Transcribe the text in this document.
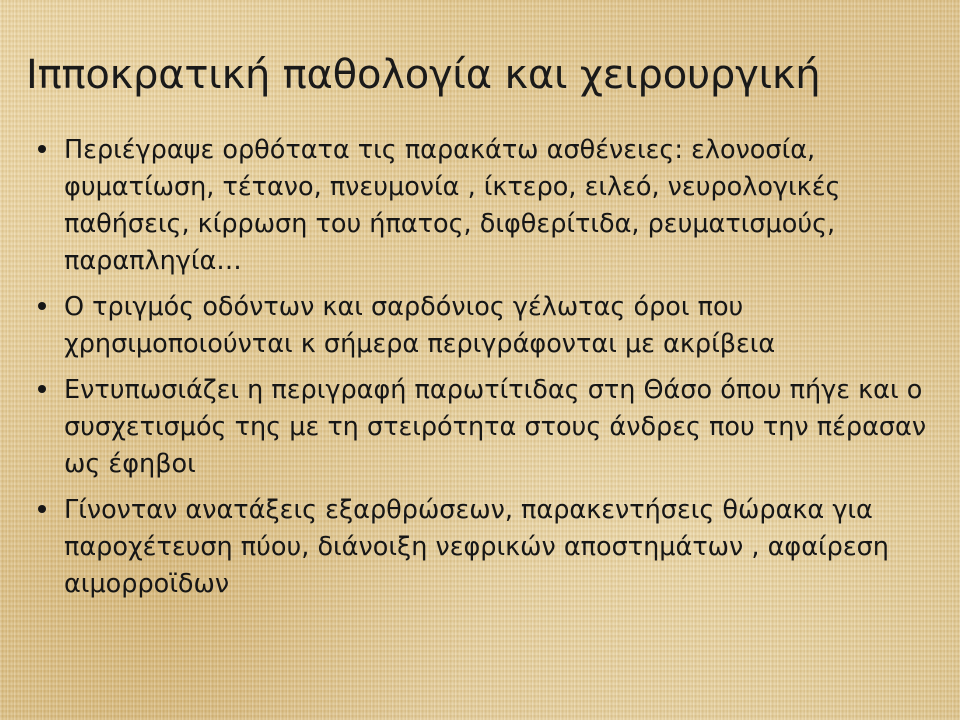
Ιπποκρατική παθολογία και χειρουργική
Περιέγραψε ορθότατα τις παρακάτω ασθένειες: ελονοσία, φυματίωση, τέτανο, πνευμονία , ίκτερο, ειλεό, νευρολογικές παθήσεις, κίρρωση του ήπατος, διφθερίτιδα, ρευματισμούς, παραπληγία…
Ο τριγμός οδόντων και σαρδόνιος γέλωτας όροι που χρησιμοποιούνται κ σήμερα περιγράφονται με ακρίβεια
Εντυπωσιάζει η περιγραφή παρωτίτιδας στη Θάσο όπου πήγε και ο συσχετισμός της με τη στειρότητα στους άνδρες που την πέρασαν ως έφηβοι
Γίνονταν ανατάξεις εξαρθρώσεων, παρακεντήσεις θώρακα για παροχέτευση πύου, διάνοιξη νεφρικών αποστημάτων , αφαίρεση αιμορροϊδων
